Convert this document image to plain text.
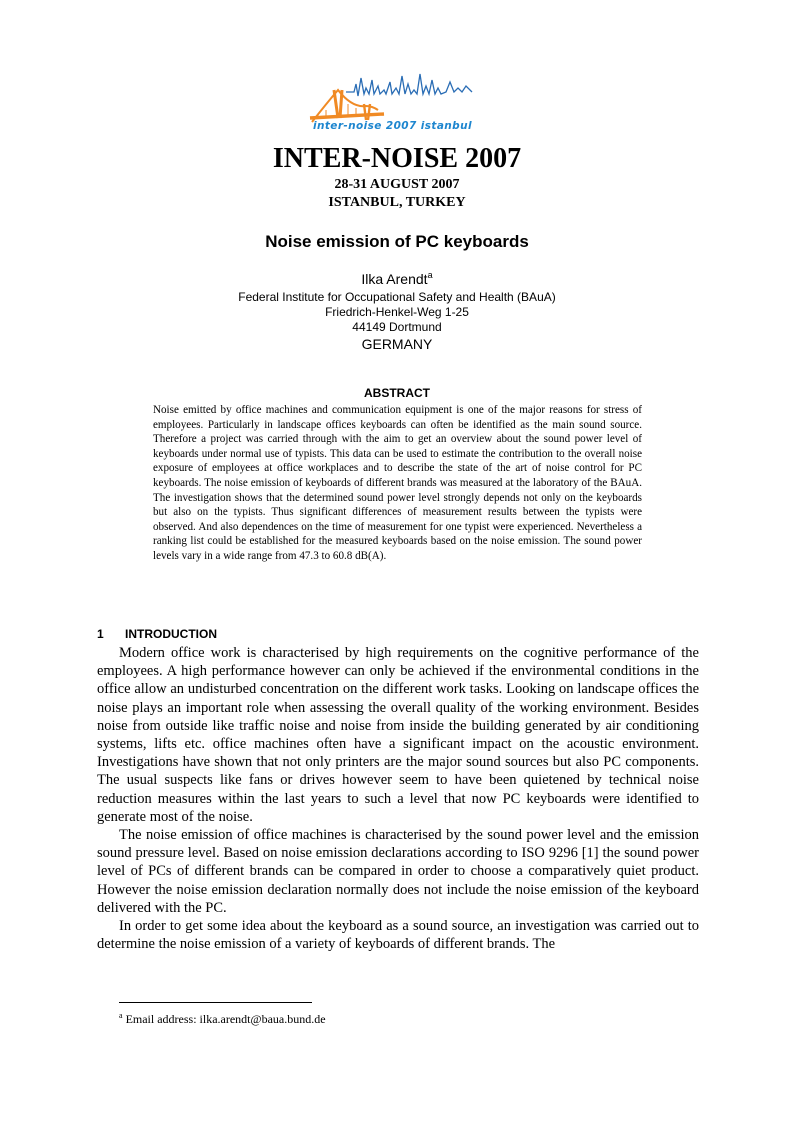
inter-noise 2007 istanbul
INTER-NOISE 2007
28-31 AUGUST 2007
ISTANBUL, TURKEY
Noise emission of PC keyboards
Ilka Arendt$^a$
Federal Institute for Occupational Safety and Health (BAuA)
Friedrich-Henkel-Weg 1-25
44149 Dortmund
GERMANY
ABSTRACT

Noise emitted by office machines and communication equipment is one of the major reasons for stress of employees. Particularly in landscape offices keyboards can often be identified as the main sound source. Therefore a project was carried through with the aim to get an overview about the sound power level of keyboards under normal use of typists. This data can be used to estimate the contribution to the overall noise exposure of employees at office workplaces and to describe the state of the art of noise control for PC keyboards. The noise emission of keyboards of different brands was measured at the laboratory of the BAuA. The investigation shows that the determined sound power level strongly depends not only on the keyboards but also on the typists. Thus significant differences of measurement results between the typists were observed. And also dependences on the time of measurement for one typist were experienced. Nevertheless a ranking list could be established for the measured keyboards based on the noise emission. The sound power levels vary in a wide range from 47.3 to 60.8 dB(A).

1 INTRODUCTION

Modern office work is characterised by high requirements on the cognitive performance of the employees. A high performance however can only be achieved if the environmental conditions in the office allow an undisturbed concentration on the different work tasks. Looking on landscape offices the noise plays an important role when assessing the overall quality of the working environment. Besides noise from outside like traffic noise and noise from inside the building generated by air conditioning systems, lifts etc. office machines often have a significant impact on the acoustic environment. Investigations have shown that not only printers are the major sound sources but also PC components. The usual suspects like fans or drives however seem to have been quietened by technical noise reduction measures within the last years to such a level that now PC keyboards were identified to generate most of the noise.

The noise emission of office machines is characterised by the sound power level and the emission sound pressure level. Based on noise emission declarations according to ISO 9296 [1] the sound power level of PCs of different brands can be compared in order to choose a comparatively quiet product. However the noise emission declaration normally does not include the noise emission of the keyboard delivered with the PC.

In order to get some idea about the keyboard as a sound source, an investigation was carried out to determine the noise emission of a variety of keyboards of different brands. The

$^a$ Email address: ilka.arendt@baua.bund.de
